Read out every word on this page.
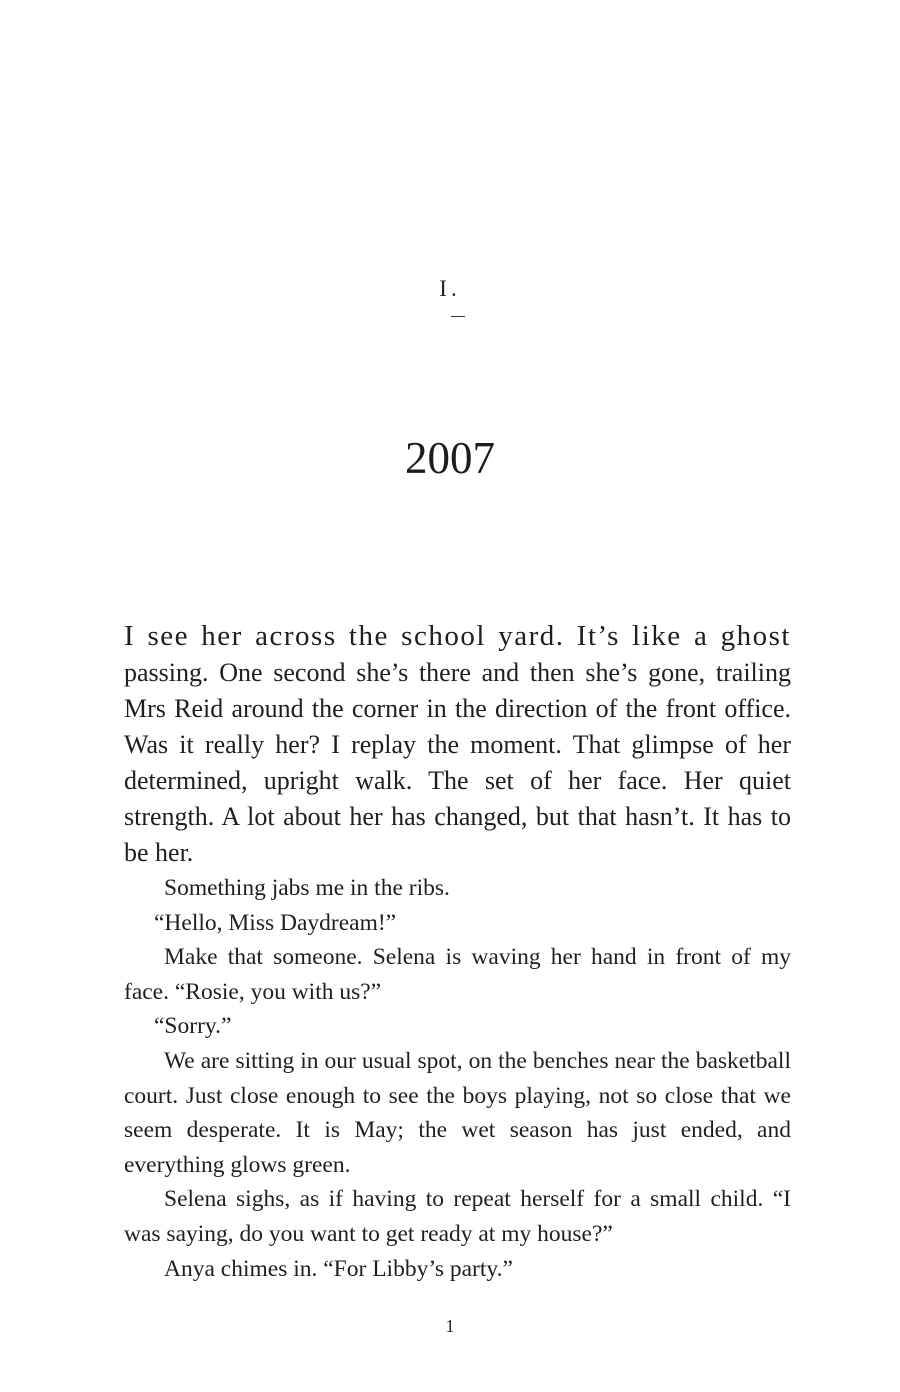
I.
2007

I see her across the school yard. It’s like a ghost passing. One second she’s there and then she’s gone, trailing Mrs Reid around the corner in the direction of the front office. Was it really her? I replay the moment. That glimpse of her determined, upright walk. The set of her face. Her quiet strength. A lot about her has changed, but that hasn’t. It has to be her.

Something jabs me in the ribs.

“Hello, Miss Daydream!”

Make that someone. Selena is waving her hand in front of my face. “Rosie, you with us?”

“Sorry.”

We are sitting in our usual spot, on the benches near the basketball court. Just close enough to see the boys playing, not so close that we seem desperate. It is May; the wet season has just ended, and everything glows green.

Selena sighs, as if having to repeat herself for a small child. “I was saying, do you want to get ready at my house?”

Anya chimes in. “For Libby’s party.”

1
